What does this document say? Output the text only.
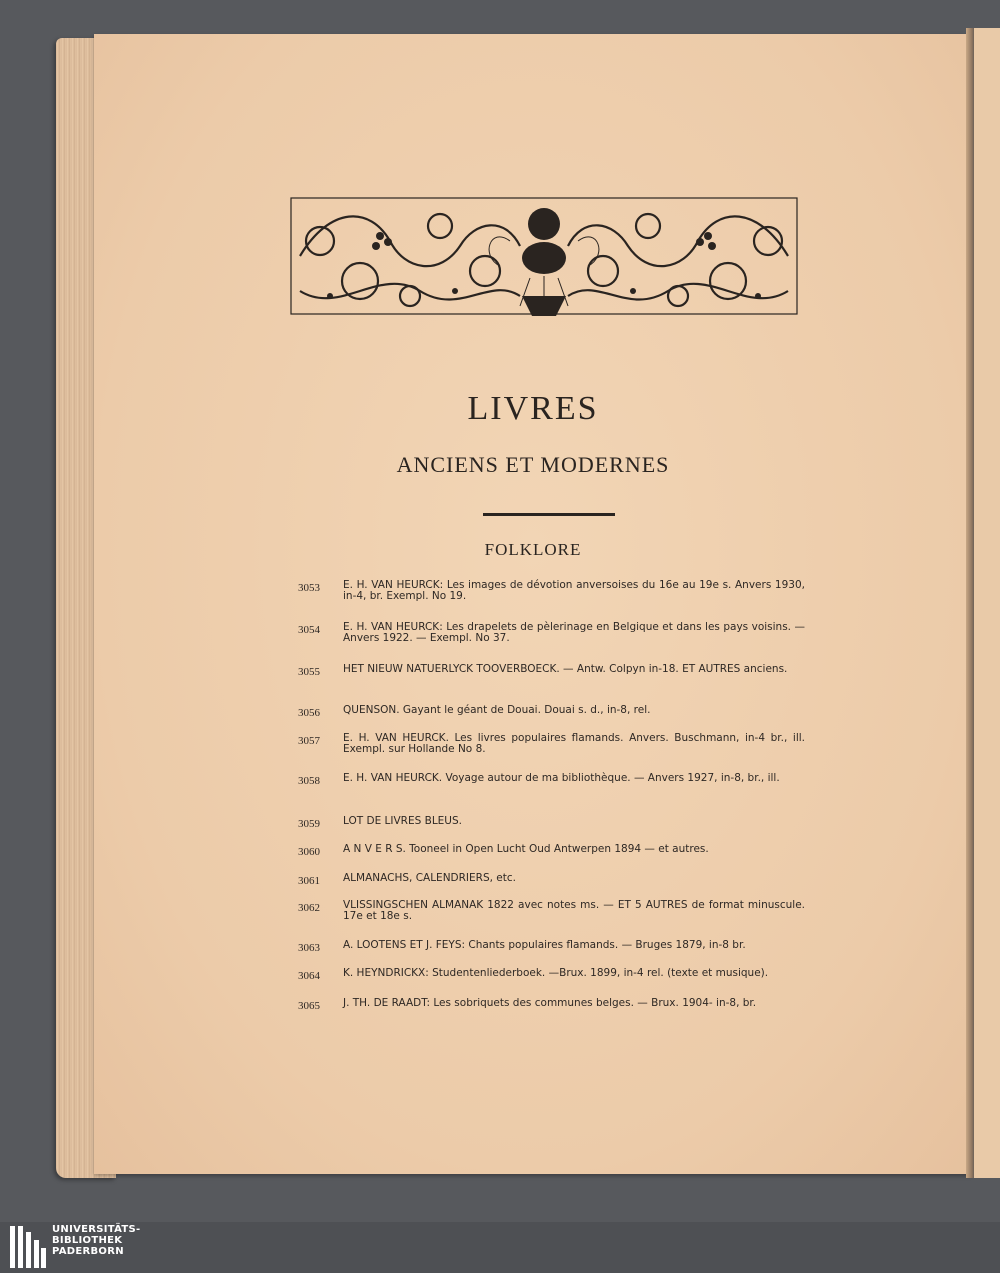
LIVRES
ANCIENS ET MODERNES
FOLKLORE
3053	E. H. VAN HEURCK: Les images de dévotion anversoises du 16e au 19e s. Anvers 1930, in-4, br. Exempl. No 19.
3054	E. H. VAN HEURCK: Les drapelets de pèlerinage en Belgique et dans les pays voisins. — Anvers 1922. — Exempl. No 37.
3055	HET NIEUW NATUERLYCK TOOVERBOECK. — Antw. Colpyn in-18. ET AUTRES anciens.
3056	QUENSON. Gayant le géant de Douai. Douai s. d., in-8, rel.
3057	E. H. VAN HEURCK. Les livres populaires flamands. Anvers. Buschmann, in-4 br., ill. Exempl. sur Hollande No 8.
3058	E. H. VAN HEURCK. Voyage autour de ma bibliothèque. — Anvers 1927, in-8, br., ill.
3059	LOT DE LIVRES BLEUS.
3060	A N V E R S. Tooneel in Open Lucht Oud Antwerpen 1894 — et autres.
3061	ALMANACHS, CALENDRIERS, etc.
3062	VLISSINGSCHEN ALMANAK 1822 avec notes ms. — ET 5 AUTRES de format minuscule. 17e et 18e s.
3063	A. LOOTENS ET J. FEYS: Chants populaires flamands. — Bruges 1879, in-8 br.
3064	K. HEYNDRICKX: Studentenliederboek. —Brux. 1899, in-4 rel. (texte et musique).
3065	J. TH. DE RAADT: Les sobriquets des communes belges. — Brux. 1904- in-8, br.
UNIVERSITÄTS-
BIBLIOTHEK
PADERBORN
